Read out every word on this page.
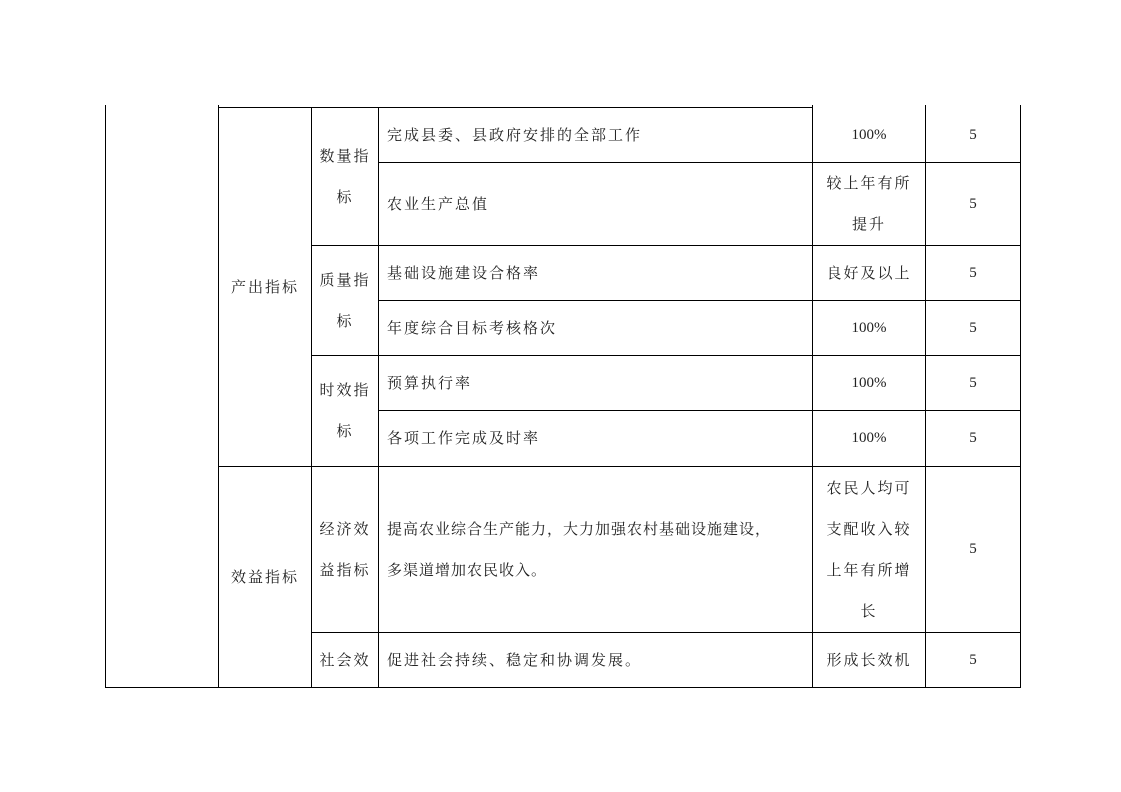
产出指标
效益指标
数量指
标
质量指
标
时效指
标
经济效
益指标
社会效
完成县委、县政府安排的全部工作
农业生产总值
基础设施建设合格率
年度综合目标考核格次
预算执行率
各项工作完成及时率
提高农业综合生产能力，大力加强农村基础设施建设，
多渠道增加农民收入。
促进社会持续、稳定和协调发展。
100%
较上年有所
提升
良好及以上
100%
100%
100%
农民人均可
支配收入较
上年有所增
长
形成长效机
5
5
5
5
5
5
5
5
